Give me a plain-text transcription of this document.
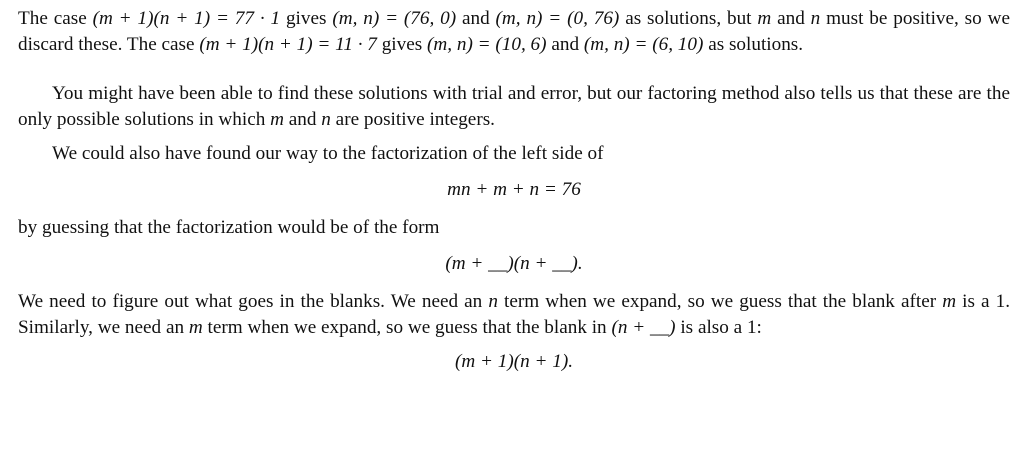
The case (m + 1)(n + 1) = 77 · 1 gives (m, n) = (76, 0) and (m, n) = (0, 76) as solutions, but m and n must be positive, so we discard these. The case (m + 1)(n + 1) = 11 · 7 gives (m, n) = (10, 6) and (m, n) = (6, 10) as solutions.

You might have been able to find these solutions with trial and error, but our factoring method also tells us that these are the only possible solutions in which m and n are positive integers.

We could also have found our way to the factorization of the left side of

mn + m + n = 76

by guessing that the factorization would be of the form

(m + __)(n + __).

We need to figure out what goes in the blanks. We need an n term when we expand, so we guess that the blank after m is a 1. Similarly, we need an m term when we expand, so we guess that the blank in (n + __) is also a 1:

(m + 1)(n + 1).
